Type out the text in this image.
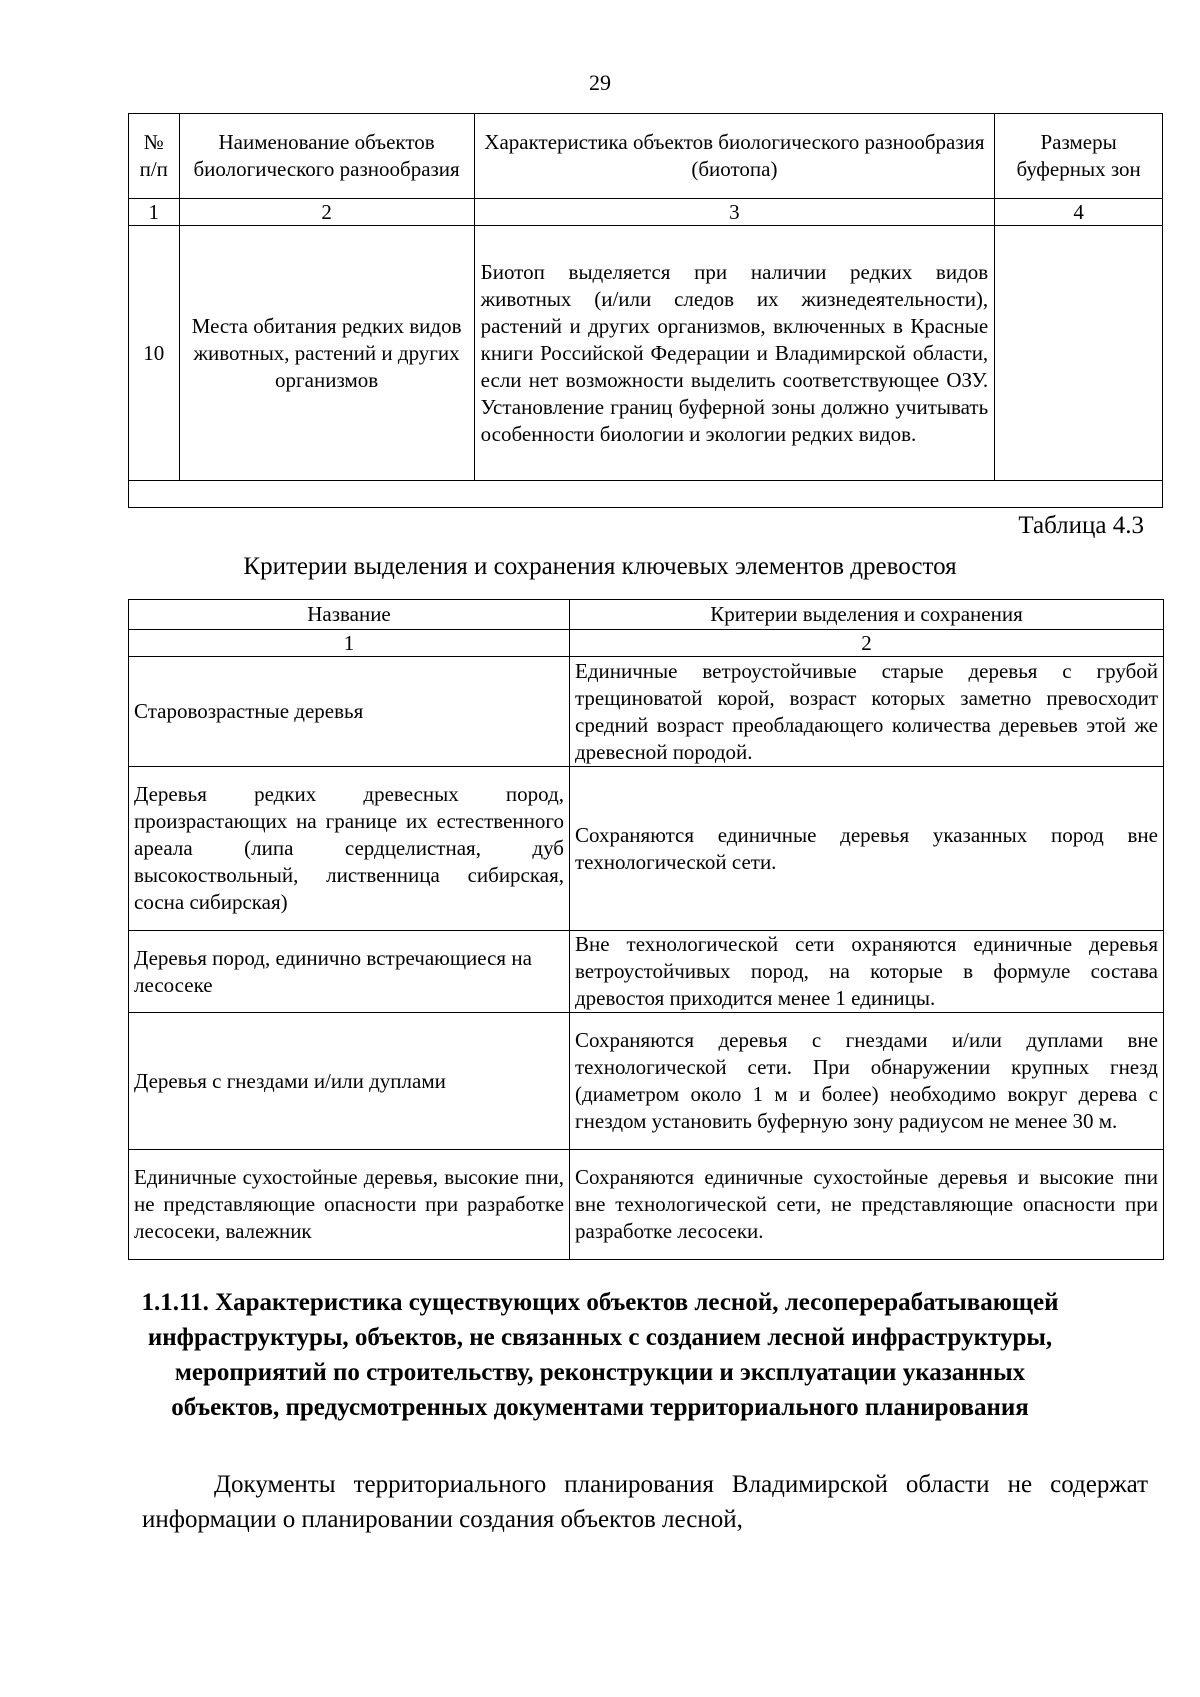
29
№ п/п	Наименование объектов биологического разнообразия	Характеристика объектов биологического разнообразия (биотопа)	Размеры буферных зон
1	2	3	4
10	Места обитания редких видов животных, растений и других организмов	Биотоп выделяется при наличии редких видов животных (и/или следов их жизнедеятельности), растений и других организмов, включенных в Красные книги Российской Федерации и Владимирской области, если нет возможности выделить соответствующее ОЗУ. Установление границ буферной зоны должно учитывать особенности биологии и экологии редких видов.	

Таблица 4.3
Критерии выделения и сохранения ключевых элементов древостоя
Название	Критерии выделения и сохранения
1	2
Старовозрастные деревья	Единичные ветроустойчивые старые деревья с грубой трещиноватой корой, возраст которых заметно превосходит средний возраст преобладающего количества деревьев этой же древесной породой.
Деревья редких древесных пород, произрастающих на границе их естественного ареала (липа сердцелистная, дуб высокоствольный, лиственница сибирская, сосна сибирская)	Сохраняются единичные деревья указанных пород вне технологической сети.
Деревья пород, единично встречающиеся на лесосеке	Вне технологической сети охраняются единичные деревья ветроустойчивых пород, на которые в формуле состава древостоя приходится менее 1 единицы.
Деревья с гнездами и/или дуплами	Сохраняются деревья с гнездами и/или дуплами вне технологической сети. При обнаружении крупных гнезд (диаметром около 1 м и более) необходимо вокруг дерева с гнездом установить буферную зону радиусом не менее 30 м.
Единичные сухостойные деревья, высокие пни, не представляющие опасности при разработке лесосеки, валежник	Сохраняются единичные сухостойные деревья и высокие пни вне технологической сети, не представляющие опасности при разработке лесосеки.
1.1.11. Характеристика существующих объектов лесной, лесоперерабатывающей инфраструктуры, объектов, не связанных с созданием лесной инфраструктуры, мероприятий по строительству, реконструкции и эксплуатации указанных объектов, предусмотренных документами территориального планирования

Документы территориального планирования Владимирской области не содержат информации о планировании создания объектов лесной,
